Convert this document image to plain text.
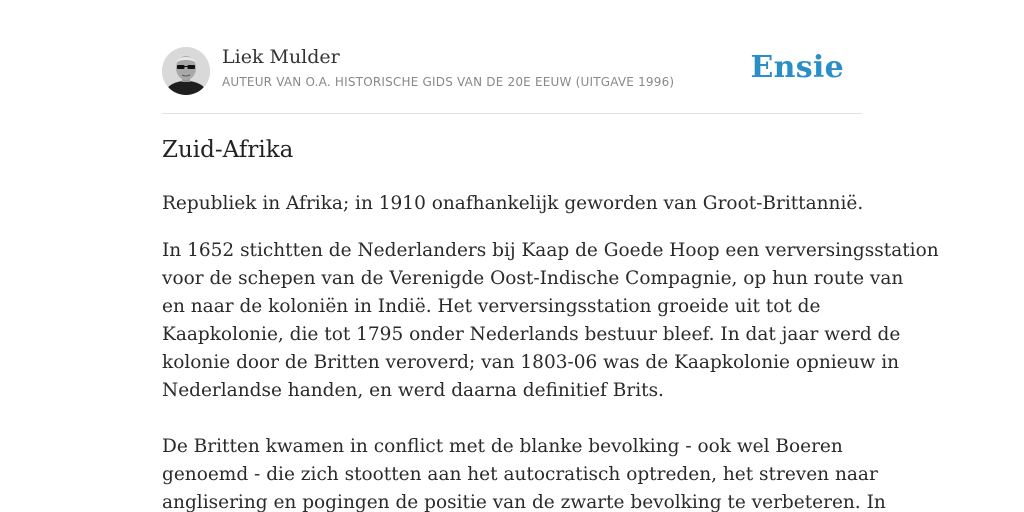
Liek Mulder
AUTEUR VAN O.A. HISTORISCHE GIDS VAN DE 20E EEUW (UITGAVE 1996)	Ensie
Zuid-Afrika

Republiek in Afrika; in 1910 onafhankelijk geworden van Groot-Brittannië.

In 1652 stichtten de Nederlanders bij Kaap de Goede Hoop een verversingsstation
voor de schepen van de Verenigde Oost-Indische Compagnie, op hun route van
en naar de koloniën in Indië. Het verversingsstation groeide uit tot de
Kaapkolonie, die tot 1795 onder Nederlands bestuur bleef. In dat jaar werd de
kolonie door de Britten veroverd; van 1803-06 was de Kaapkolonie opnieuw in
Nederlandse handen, en werd daarna definitief Brits.

De Britten kwamen in conflict met de blanke bevolking - ook wel Boeren
genoemd - die zich stootten aan het autocratisch optreden, het streven naar
anglisering en pogingen de positie van de zwarte bevolking te verbeteren. In
